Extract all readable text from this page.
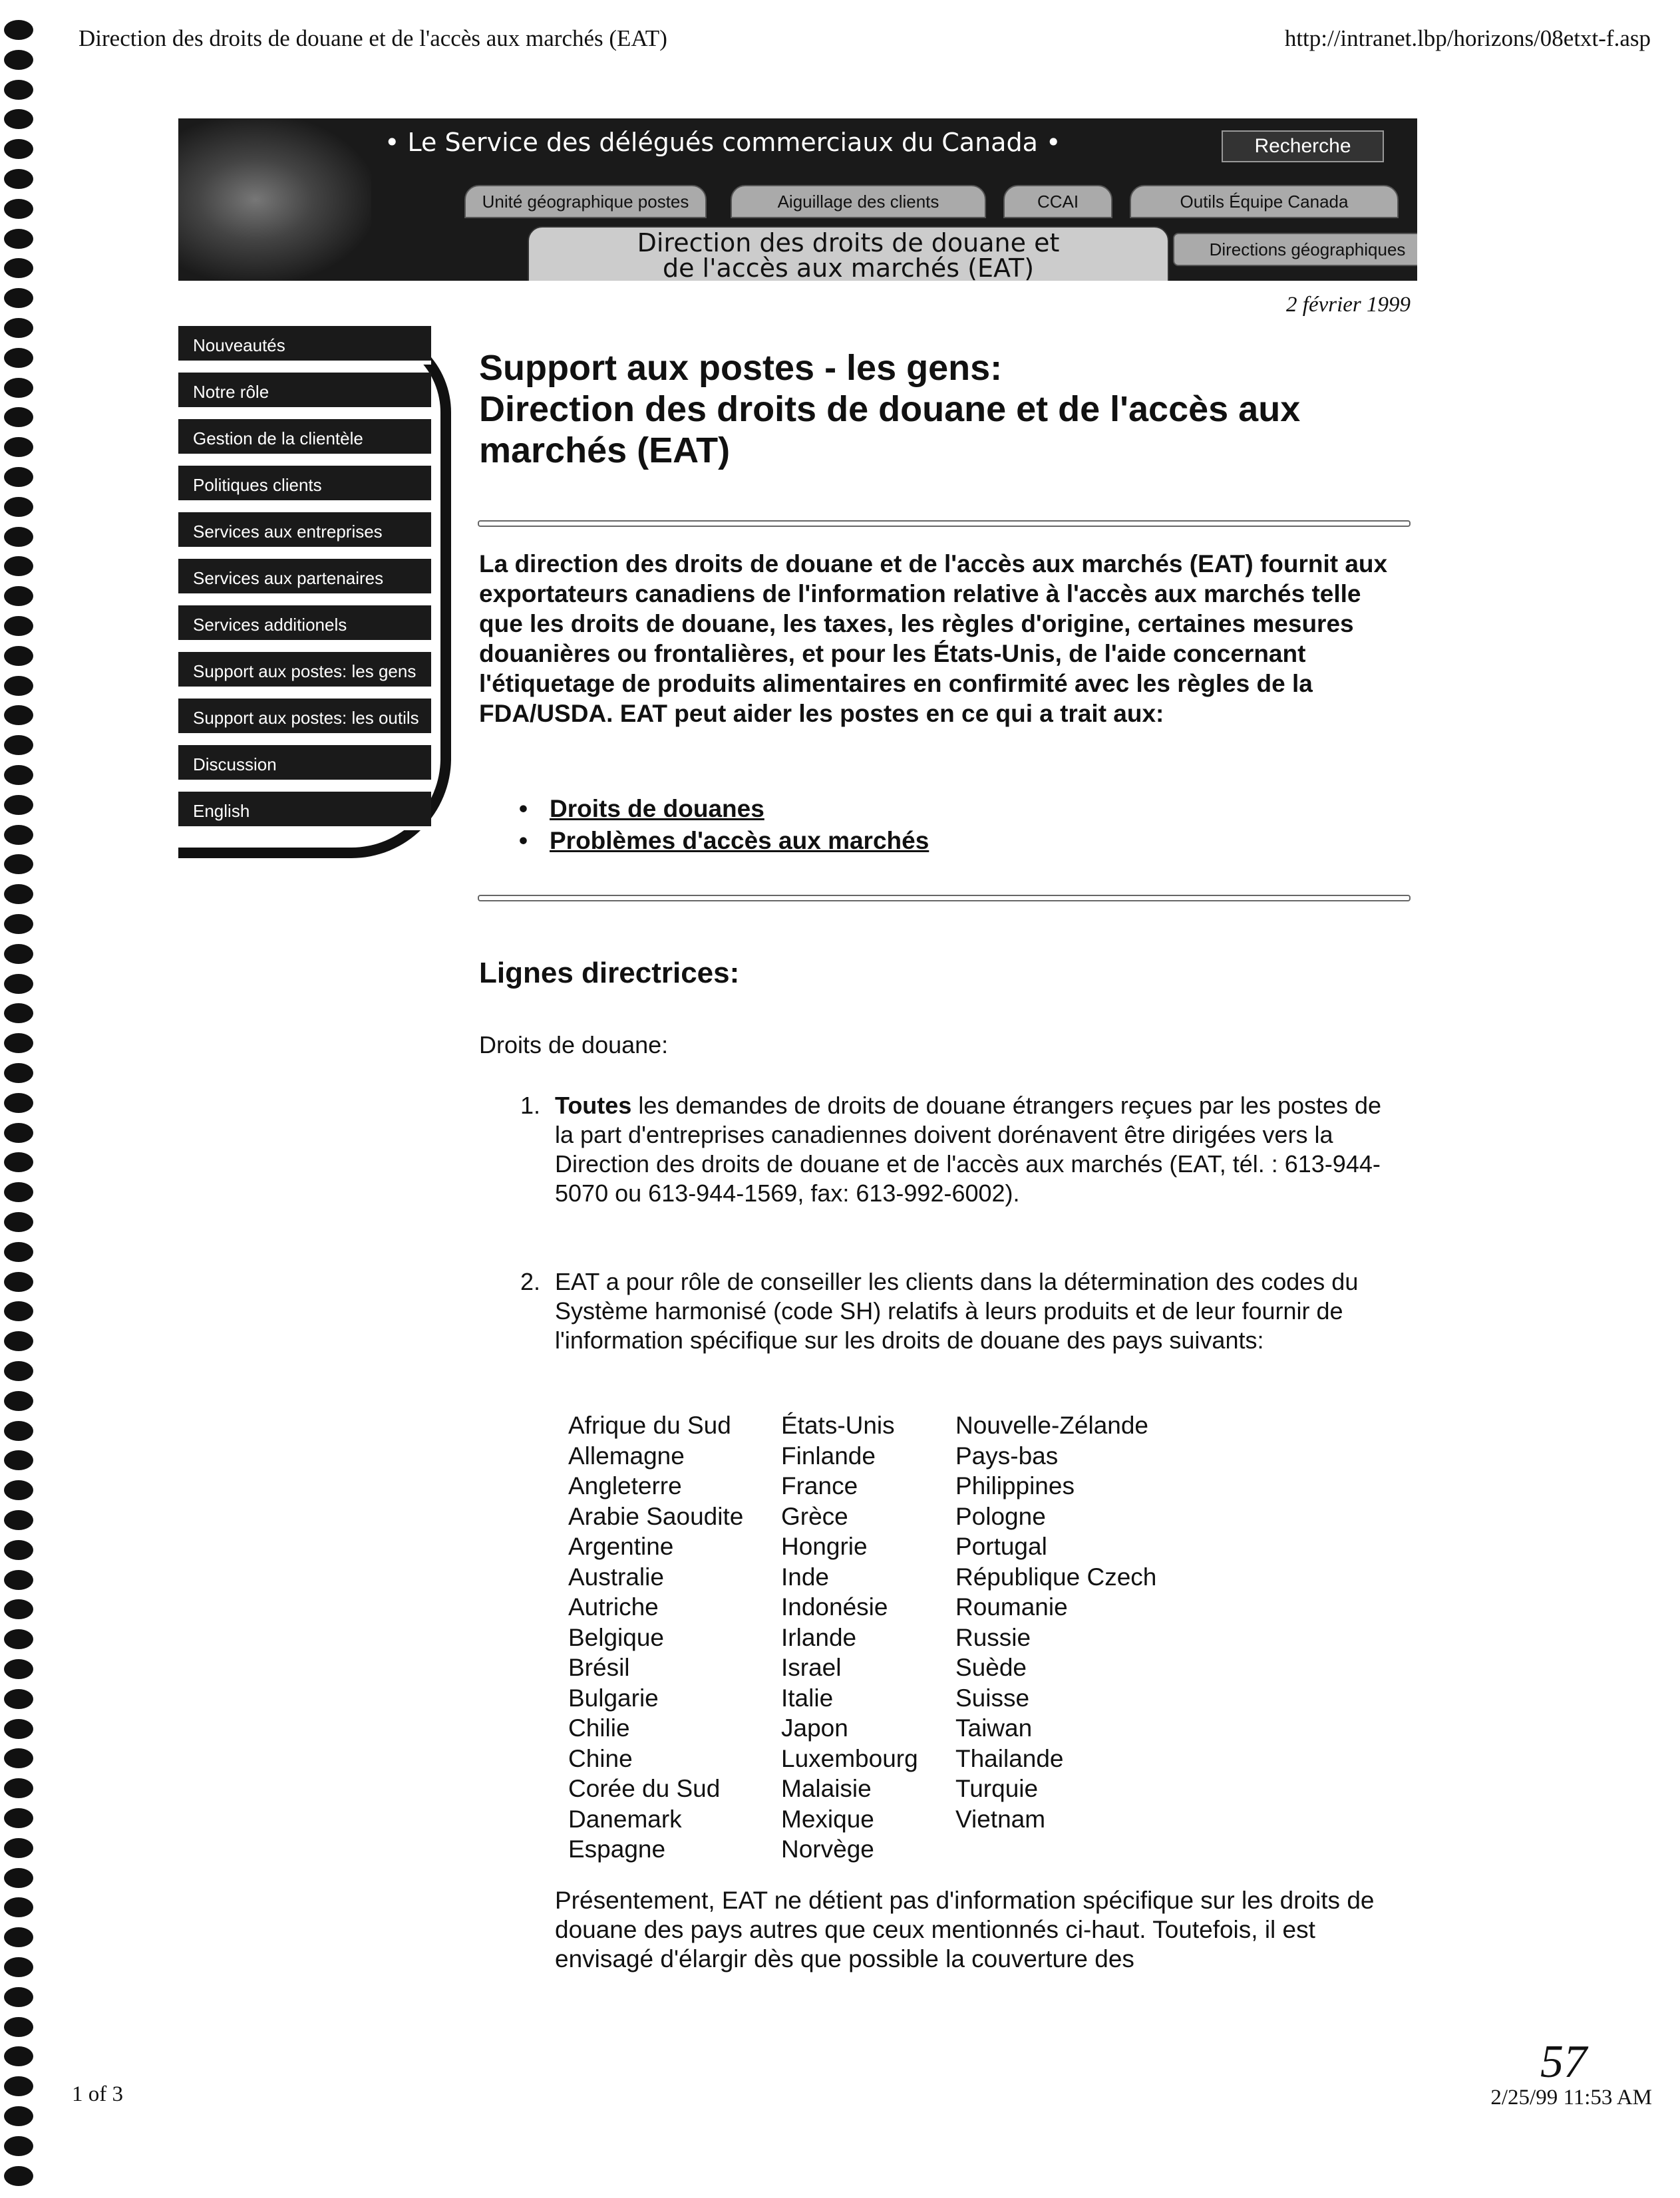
Direction des droits de douane et de l'accès aux marchés (EAT)	http://intranet.lbp/horizons/08etxt-f.asp
1 of 3	2/25/99 11:53 AM
57
• Le Service des délégués commerciaux du Canada •	Recherche
Unité géographique postes	Aiguillage des clients	CCAI	Outils Équipe Canada
Direction des droits de douane et
de l'accès aux marchés (EAT)
Directions géographiques
2 février 1999
Nouveautés
Notre rôle
Gestion de la clientèle
Politiques clients
Services aux entreprises
Services aux partenaires
Services additionels
Support aux postes: les gens
Support aux postes: les outils
Discussion
English
Support aux postes - les gens:
Direction des droits de douane et de l'accès aux marchés (EAT)

La direction des droits de douane et de l'accès aux marchés (EAT) fournit aux exportateurs canadiens de l'information relative à l'accès aux marchés telle que les droits de douane, les taxes, les règles d'origine, certaines mesures douanières ou frontalières, et pour les États-Unis, de l'aide concernant l'étiquetage de produits alimentaires en confirmité avec les règles de la FDA/USDA. EAT peut aider les postes en ce qui a trait aux:

• Droits de douanes
• Problèmes d'accès aux marchés
Lignes directrices:
Droits de douane:
1. Toutes les demandes de droits de douane étrangers reçues par les postes de la part d'entreprises canadiennes doivent dorénavent être dirigées vers la Direction des droits de douane et de l'accès aux marchés (EAT, tél. : 613-944-5070 ou 613-944-1569, fax: 613-992-6002).
2. EAT a pour rôle de conseiller les clients dans la détermination des codes du Système harmonisé (code SH) relatifs à leurs produits et de leur fournir de l'information spécifique sur les droits de douane des pays suivants:
Afrique du Sud
Allemagne
Angleterre
Arabie Saoudite
Argentine
Australie
Autriche
Belgique
Brésil
Bulgarie
Chilie
Chine
Corée du Sud
Danemark
Espagne
États-Unis
Finlande
France
Grèce
Hongrie
Inde
Indonésie
Irlande
Israel
Italie
Japon
Luxembourg
Malaisie
Mexique
Norvège
Nouvelle-Zélande
Pays-bas
Philippines
Pologne
Portugal
République Czech
Roumanie
Russie
Suède
Suisse
Taiwan
Thailande
Turquie
Vietnam
Présentement, EAT ne détient pas d'information spécifique sur les droits de douane des pays autres que ceux mentionnés ci-haut. Toutefois, il est envisagé d'élargir dès que possible la couverture des
